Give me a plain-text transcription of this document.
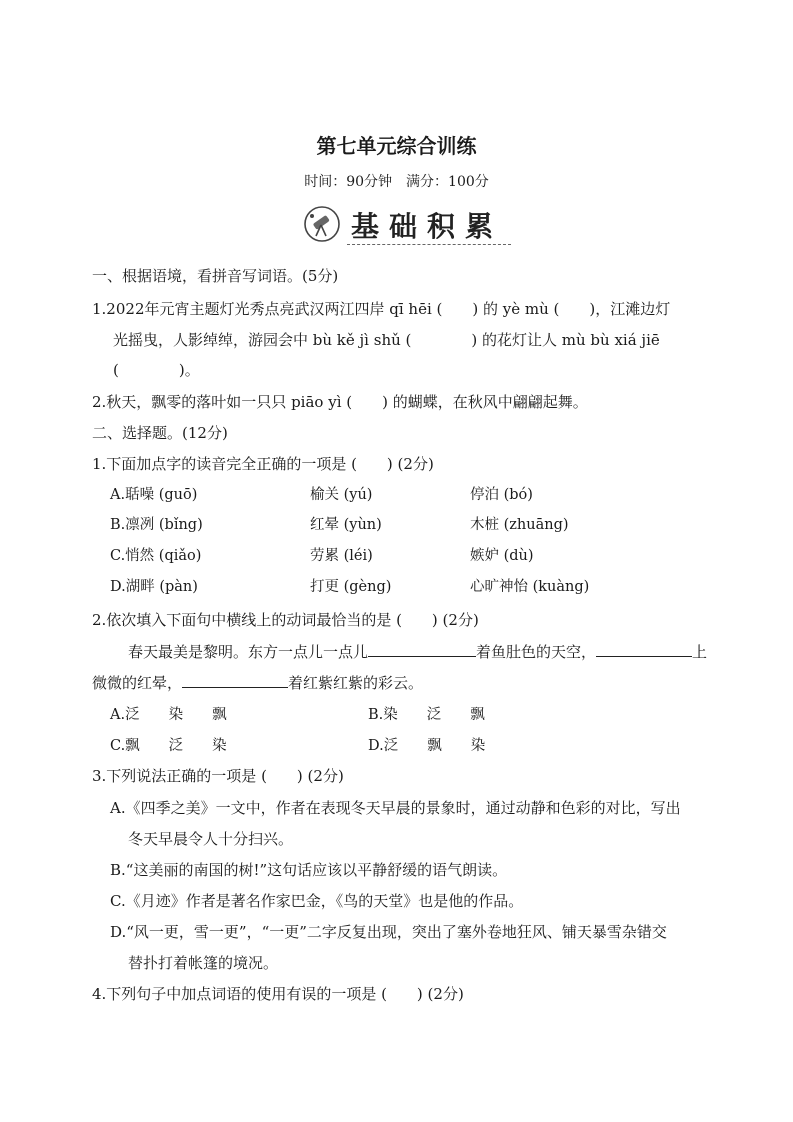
第七单元综合训练
时间：90分钟　满分：100分
基础积累
一、根据语境，看拼音写词语。(5分)
1.2022年元宵主题灯光秀点亮武汉两江四岸 qī hēi (　　) 的 yè mù (　　)，江滩边灯
光摇曳，人影绰绰，游园会中 bù kě jì shǔ (　　　　) 的花灯让人 mù bù xiá jiē
(　　　　)。
2.秋天，飘零的落叶如一只只 piāo yì (　　) 的蝴蝶，在秋风中翩翩起舞。
二、选择题。(12分)
1.下面加点字的读音完全正确的一项是 (　　) (2分)
A.聒噪 (guō)	榆关 (yú)	停泊 (bó)
B.凛冽 (bǐng)	红晕 (yùn)	木桩 (zhuāng)
C.悄然 (qiǎo)	劳累 (léi)	嫉妒 (dù)
D.湖畔 (pàn)	打更 (gèng)	心旷神怡 (kuàng)
2.依次填入下面句中横线上的动词最恰当的是 (　　) (2分)
春天最美是黎明。东方一点儿一点儿	着鱼肚色的天空，	上
微微的红晕，	着红紫红紫的彩云。
A.泛　　染　　飘	B.染　　泛　　飘
C.飘　　泛　　染	D.泛　　飘　　染
3.下列说法正确的一项是 (　　) (2分)
A.《四季之美》一文中，作者在表现冬天早晨的景象时，通过动静和色彩的对比，写出
冬天早晨令人十分扫兴。
B.“这美丽的南国的树!”这句话应该以平静舒缓的语气朗读。
C.《月迹》作者是著名作家巴金，《鸟的天堂》也是他的作品。
D.“风一更，雪一更”，“一更”二字反复出现，突出了塞外卷地狂风、铺天暴雪杂错交
替扑打着帐篷的境况。
4.下列句子中加点词语的使用有误的一项是 (　　) (2分)
